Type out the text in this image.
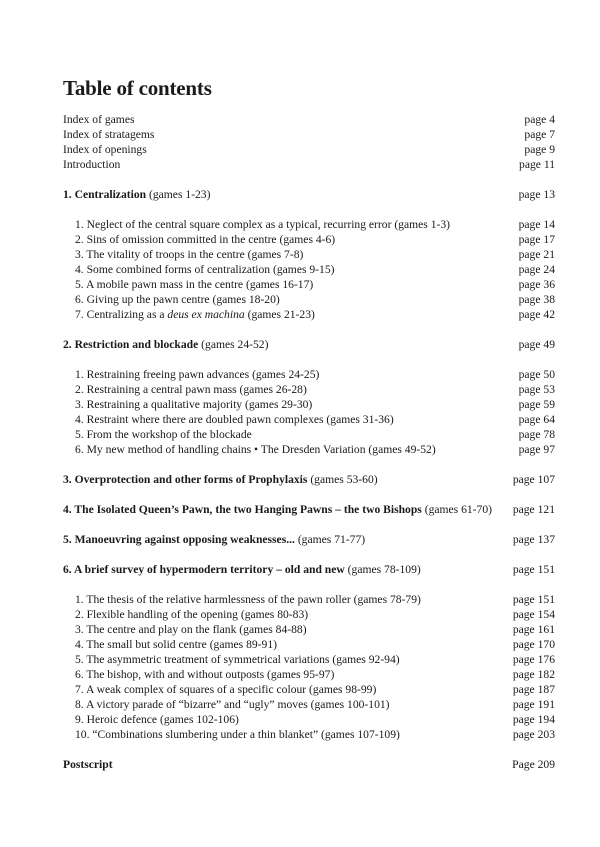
Table of contents
Index of games	page 4
Index of stratagems	page 7
Index of openings	page 9
Introduction	page 11
1. Centralization (games 1-23)	page 13
1. Neglect of the central square complex as a typical, recurring error (games 1-3)	page 14
2. Sins of omission committed in the centre (games 4-6)	page 17
3. The vitality of troops in the centre (games 7-8)	page 21
4. Some combined forms of centralization (games 9-15)	page 24
5. A mobile pawn mass in the centre (games 16-17)	page 36
6. Giving up the pawn centre (games 18-20)	page 38
7. Centralizing as a deus ex machina (games 21-23)	page 42
2. Restriction and blockade (games 24-52)	page 49
1. Restraining freeing pawn advances (games 24-25)	page 50
2. Restraining a central pawn mass (games 26-28)	page 53
3. Restraining a qualitative majority (games 29-30)	page 59
4. Restraint where there are doubled pawn complexes (games 31-36)	page 64
5. From the workshop of the blockade	page 78
6. My new method of handling chains • The Dresden Variation (games 49-52)	page 97
3. Overprotection and other forms of Prophylaxis (games 53-60)	page 107
4. The Isolated Queen’s Pawn, the two Hanging Pawns – the two Bishops (games 61-70)	page 121
5. Manoeuvring against opposing weaknesses... (games 71-77)	page 137
6. A brief survey of hypermodern territory – old and new (games 78-109)	page 151
1. The thesis of the relative harmlessness of the pawn roller (games 78-79)	page 151
2. Flexible handling of the opening (games 80-83)	page 154
3. The centre and play on the flank (games 84-88)	page 161
4. The small but solid centre (games 89-91)	page 170
5. The asymmetric treatment of symmetrical variations (games 92-94)	page 176
6. The bishop, with and without outposts (games 95-97)	page 182
7. A weak complex of squares of a specific colour (games 98-99)	page 187
8. A victory parade of “bizarre” and “ugly” moves (games 100-101)	page 191
9. Heroic defence (games 102-106)	page 194
10. “Combinations slumbering under a thin blanket” (games 107-109)	page 203
Postscript	Page 209
